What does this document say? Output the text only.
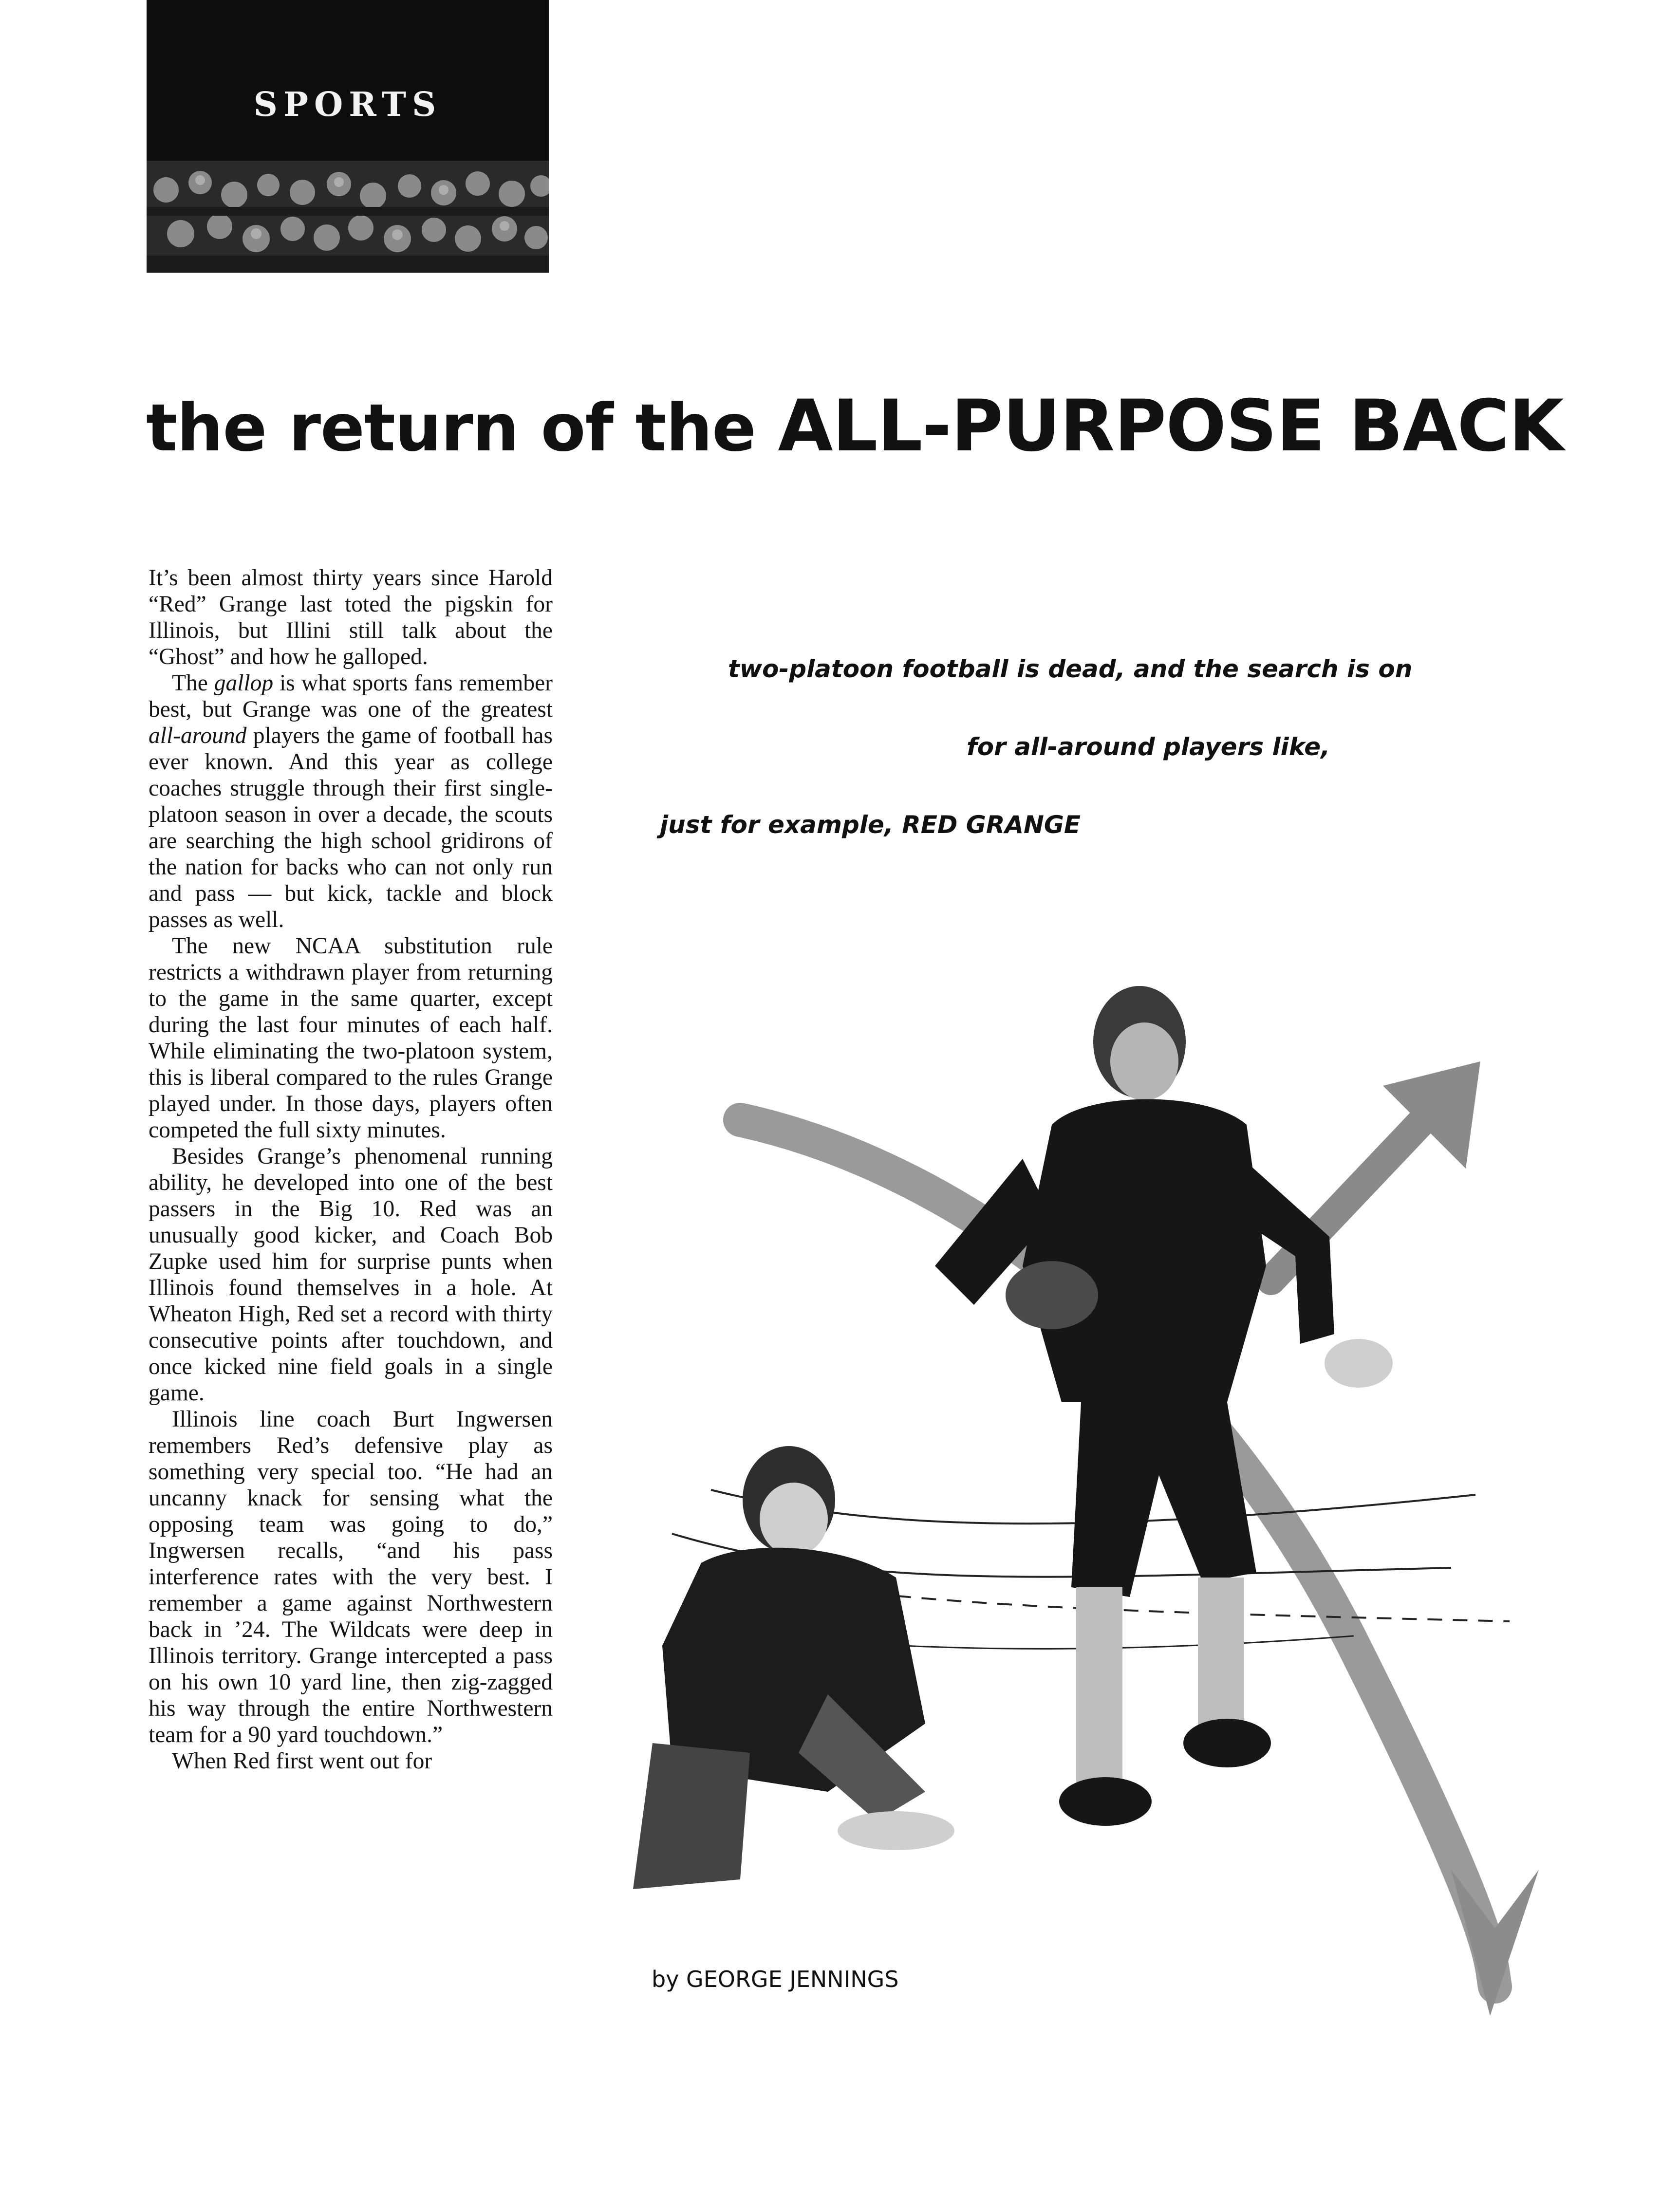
SPORTS
the return of the ALL-PURPOSE BACK

It’s been almost thirty years since Harold “Red” Grange last toted the pigskin for Illinois, but Illini still talk about the “Ghost” and how he galloped.

The gallop is what sports fans remember best, but Grange was one of the greatest all-around players the game of football has ever known. And this year as college coaches struggle through their first single-platoon season in over a decade, the scouts are searching the high school gridirons of the nation for backs who can not only run and pass — but kick, tackle and block passes as well.

The new NCAA substitution rule restricts a withdrawn player from returning to the game in the same quarter, except during the last four minutes of each half. While eliminating the two-platoon system, this is liberal compared to the rules Grange played under. In those days, players often competed the full sixty minutes.

Besides Grange’s phenomenal running ability, he developed into one of the best passers in the Big 10. Red was an unusually good kicker, and Coach Bob Zupke used him for surprise punts when Illinois found themselves in a hole. At Wheaton High, Red set a record with thirty consecutive points after touchdown, and once kicked nine field goals in a single game.

Illinois line coach Burt Ingwersen remembers Red’s defensive play as something very special too. “He had an uncanny knack for sensing what the opposing team was going to do,” Ingwersen recalls, “and his pass interference rates with the very best. I remember a game against Northwestern back in ’24. The Wildcats were deep in Illinois territory. Grange intercepted a pass on his own 10 yard line, then zig-zagged his way through the entire Northwestern team for a 90 yard touchdown.”

When Red first went out for

two-platoon football is dead, and the search is on
for all-around players like,
just for example, RED GRANGE
by GEORGE JENNINGS
